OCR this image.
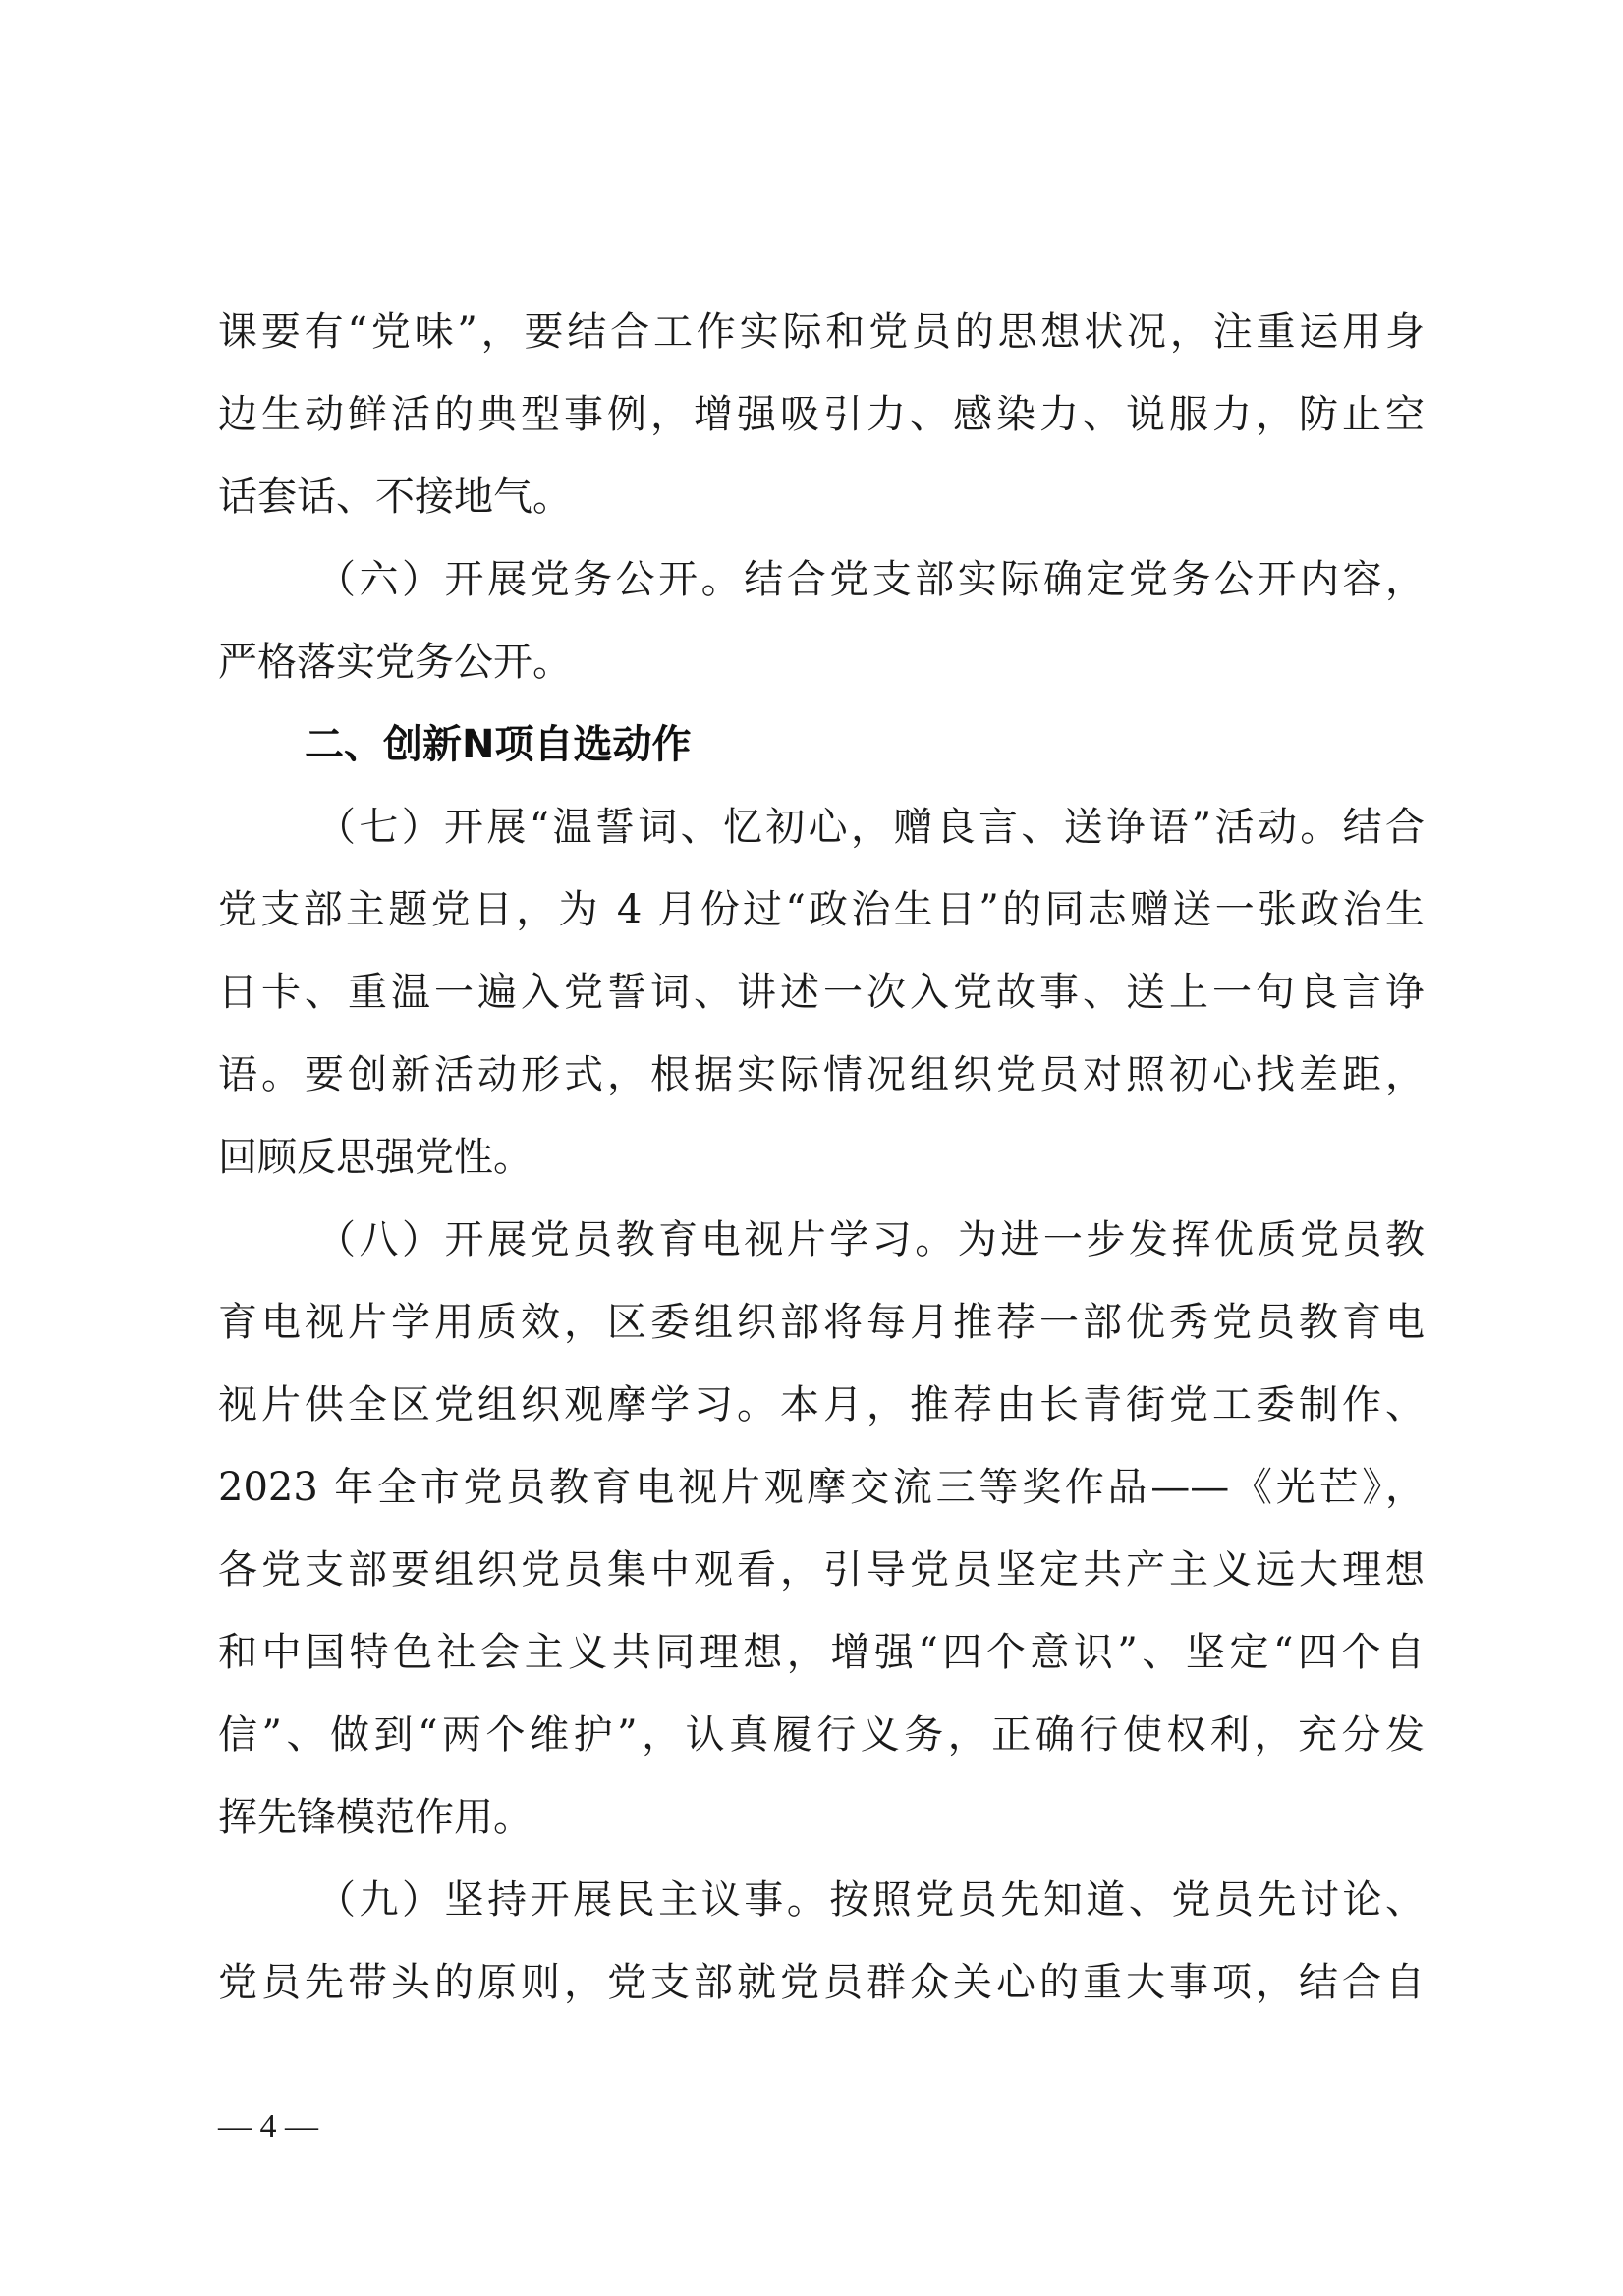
课要有“党味”，要结合工作实际和党员的思想状况，注重运用身
边生动鲜活的典型事例，增强吸引力、感染力、说服力，防止空
话套话、不接地气。
（六）开展党务公开。结合党支部实际确定党务公开内容，
严格落实党务公开。
二、创新N项自选动作
（七）开展“温誓词、忆初心，赠良言、送诤语”活动。结合
党支部主题党日，为 4 月份过“政治生日”的同志赠送一张政治生
日卡、重温一遍入党誓词、讲述一次入党故事、送上一句良言诤
语。要创新活动形式，根据实际情况组织党员对照初心找差距，
回顾反思强党性。
（八）开展党员教育电视片学习。为进一步发挥优质党员教
育电视片学用质效，区委组织部将每月推荐一部优秀党员教育电
视片供全区党组织观摩学习。本月，推荐由长青街党工委制作、
2023 年全市党员教育电视片观摩交流三等奖作品——《光芒》，
各党支部要组织党员集中观看，引导党员坚定共产主义远大理想
和中国特色社会主义共同理想，增强“四个意识”、坚定“四个自
信”、做到“两个维护”，认真履行义务，正确行使权利，充分发
挥先锋模范作用。
（九）坚持开展民主议事。按照党员先知道、党员先讨论、
党员先带头的原则，党支部就党员群众关心的重大事项，结合自
— 4 —
